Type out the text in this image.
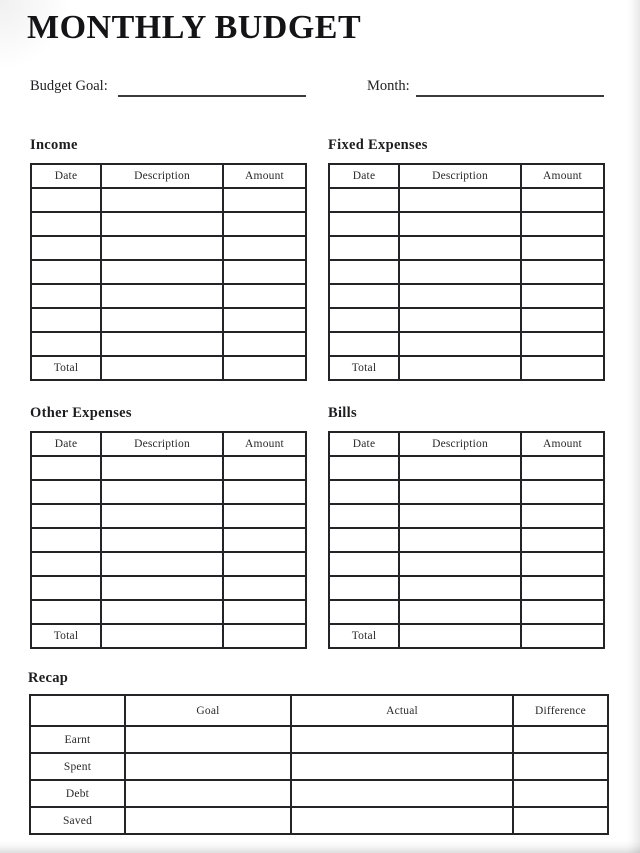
MONTHLY BUDGET
Budget Goal:	Month:
Income
Date	Description	Amount

Total		
Fixed Expenses
Date	Description	Amount

Total		
Other Expenses
Date	Description	Amount

Total		
Bills
Date	Description	Amount

Total		
Recap
	Goal	Actual	Difference
Earnt			
Spent			
Debt			
Saved			
